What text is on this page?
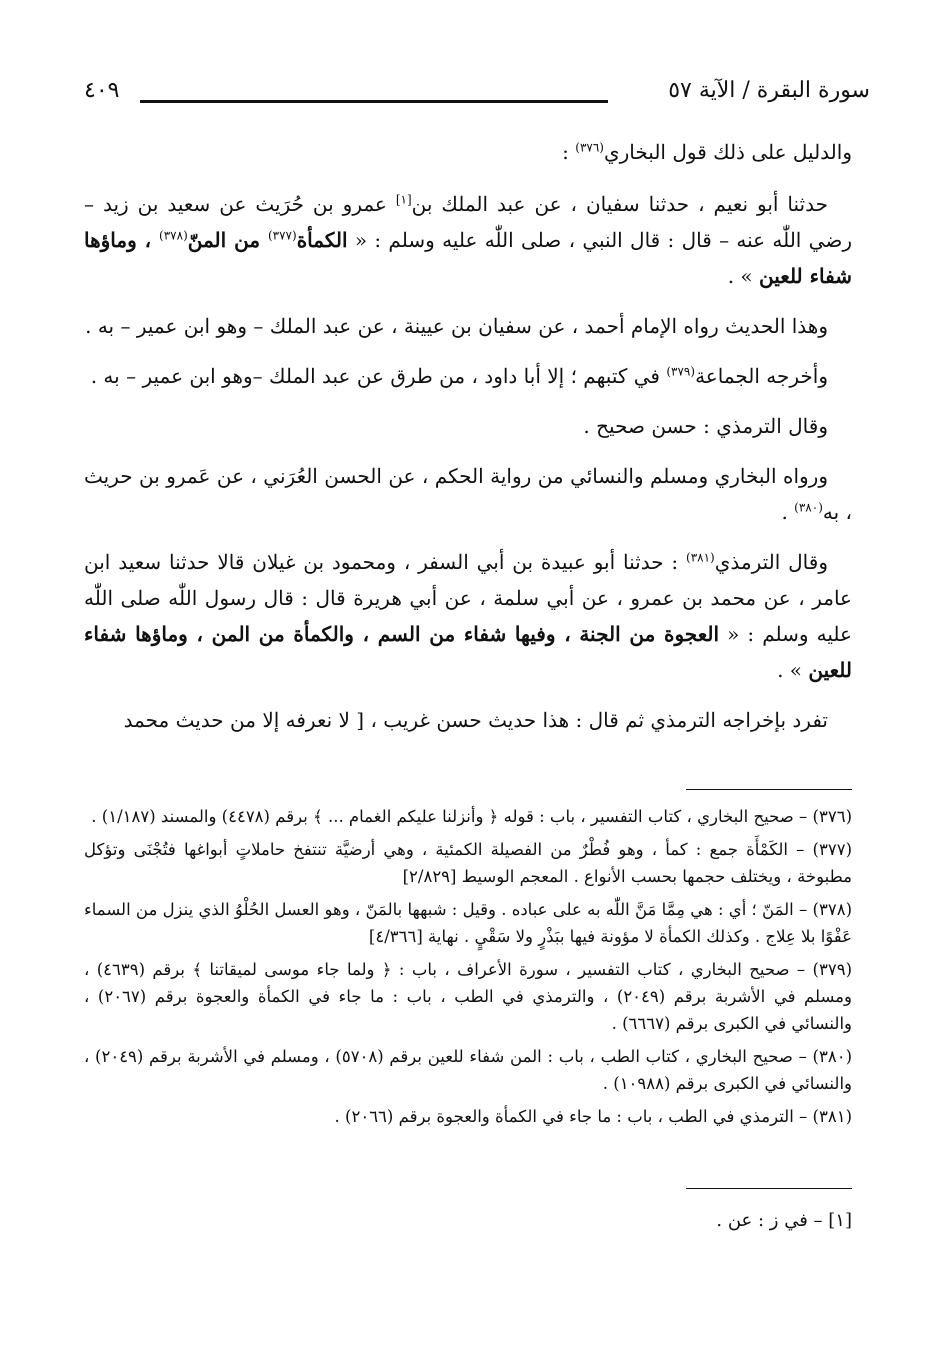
سورة البقرة / الآية ٥٧
٤٠٩

والدليل على ذلك قول البخاري$^{(٣٧٦)}$ :

حدثنا أبو نعيم ، حدثنا سفيان ، عن عبد الملك بن[١] عمرو بن حُرَيث عن سعيد بن زيد – رضي اللّٰه عنه – قال : قال النبي ، صلى اللّٰه عليه وسلم : « الكمأة$^{(٣٧٧)}$ من المنّ$^{(٣٧٨)}$ ، وماؤها شفاء للعين » .

وهذا الحديث رواه الإمام أحمد ، عن سفيان بن عيينة ، عن عبد الملك – وهو ابن عمير – به .

وأخرجه الجماعة$^{(٣٧٩)}$ في كتبهم ؛ إلا أبا داود ، من طرق عن عبد الملك –وهو ابن عمير – به .

وقال الترمذي : حسن صحيح .

ورواه البخاري ومسلم والنسائي من رواية الحكم ، عن الحسن العُرَني ، عن عَمرو بن حريث ، به$^{(٣٨٠)}$ .

وقال الترمذي$^{(٣٨١)}$ : حدثنا أبو عبيدة بن أبي السفر ، ومحمود بن غيلان قالا حدثنا سعيد ابن عامر ، عن محمد بن عمرو ، عن أبي سلمة ، عن أبي هريرة قال : قال رسول اللّٰه صلى اللّٰه عليه وسلم : « العجوة من الجنة ، وفيها شفاء من السم ، والكمأة من المن ، وماؤها شفاء للعين » .

تفرد بإخراجه الترمذي ثم قال : هذا حديث حسن غريب ، [ لا نعرفه إلا من حديث محمد

(٣٧٦) – صحيح البخاري ، كتاب التفسير ، باب : قوله ﴿ وأنزلنا عليكم الغمام ... ﴾ برقم (٤٤٧٨) والمسند (١/١٨٧) .

(٣٧٧) – الكَمْأَة جمع : كمأ ، وهو فُطْرٌ من الفصيلة الكمئية ، وهي أرضيَّة تنتفخ حاملاتٍ أبواغها فتُجْنَى وتؤكل مطبوخة ، ويختلف حجمها بحسب الأنواع . المعجم الوسيط [٢/٨٢٩]

(٣٧٨) – المَنّ ؛ أي : هي مِمَّا مَنَّ اللّٰه به على عباده . وقيل : شبهها بالمَنّ ، وهو العسل الحُلْوُ الذي ينزل من السماء عَفْوًا بلا عِلاج . وكذلك الكمأة لا مؤونة فيها ببَذْرٍ ولا سَقْيٍ . نهاية [٤/٣٦٦]

(٣٧٩) – صحيح البخاري ، كتاب التفسير ، سورة الأعراف ، باب : ﴿ ولما جاء موسى لميقاتنا ﴾ برقم (٤٦٣٩) ، ومسلم في الأشربة برقم (٢٠٤٩) ، والترمذي في الطب ، باب : ما جاء في الكمأة والعجوة برقم (٢٠٦٧) ، والنسائي في الكبرى برقم (٦٦٦٧) .

(٣٨٠) – صحيح البخاري ، كتاب الطب ، باب : المن شفاء للعين برقم (٥٧٠٨) ، ومسلم في الأشربة برقم (٢٠٤٩) ، والنسائي في الكبرى برقم (١٠٩٨٨) .

(٣٨١) – الترمذي في الطب ، باب : ما جاء في الكمأة والعجوة برقم (٢٠٦٦) .

[١] – في ز : عن .
